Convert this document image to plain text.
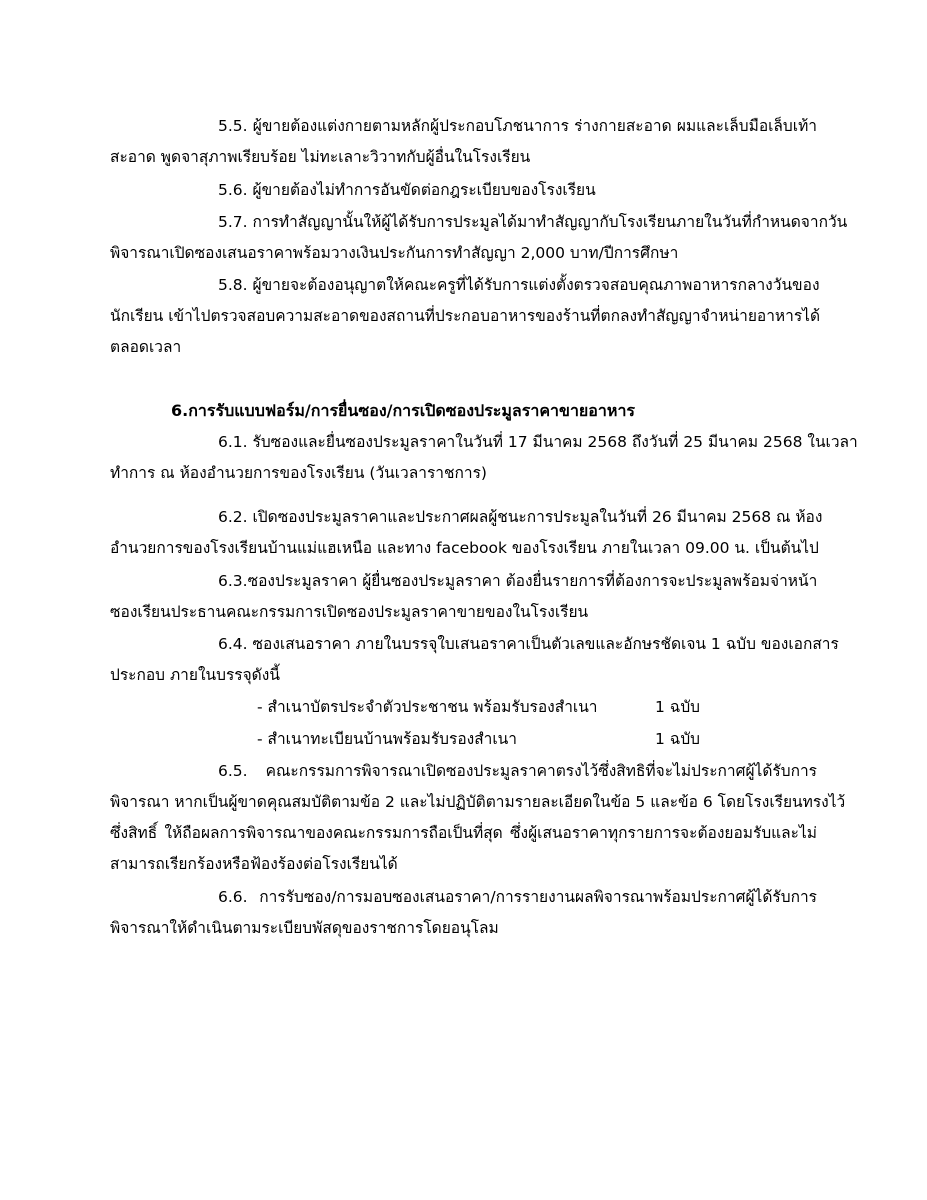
5.5. ผู้ขายต้องแต่งกายตามหลักผู้ประกอบโภชนาการ ร่างกายสะอาด ผมและเล็บมือเล็บเท้า
สะอาด พูดจาสุภาพเรียบร้อย ไม่ทะเลาะวิวาทกับผู้อื่นในโรงเรียน
5.6. ผู้ขายต้องไม่ทำการอันขัดต่อกฎระเบียบของโรงเรียน
5.7. การทำสัญญานั้นให้ผู้ได้รับการประมูลได้มาทำสัญญากับโรงเรียนภายในวันที่กำหนดจากวัน
พิจารณาเปิดซองเสนอราคาพร้อมวางเงินประกันการทำสัญญา 2,000 บาท/ปีการศึกษา
5.8. ผู้ขายจะต้องอนุญาตให้คณะครูที่ได้รับการแต่งตั้งตรวจสอบคุณภาพอาหารกลางวันของ
นักเรียน เข้าไปตรวจสอบความสะอาดของสถานที่ประกอบอาหารของร้านที่ตกลงทำสัญญาจำหน่ายอาหารได้
ตลอดเวลา
6.การรับแบบฟอร์ม/การยื่นซอง/การเปิดซองประมูลราคาขายอาหาร
6.1. รับซองและยื่นซองประมูลราคาในวันที่ 17 มีนาคม 2568 ถึงวันที่ 25 มีนาคม 2568 ในเวลา
ทำการ ณ ห้องอำนวยการของโรงเรียน (วันเวลาราชการ)
6.2. เปิดซองประมูลราคาและประกาศผลผู้ชนะการประมูลในวันที่ 26 มีนาคม 2568 ณ ห้อง
อำนวยการของโรงเรียนบ้านแม่แฮเหนือ และทาง facebook ของโรงเรียน ภายในเวลา 09.00 น. เป็นต้นไป
6.3.ซองประมูลราคา ผู้ยื่นซองประมูลราคา ต้องยื่นรายการที่ต้องการจะประมูลพร้อมจ่าหน้า
ซองเรียนประธานคณะกรรมการเปิดซองประมูลราคาขายของในโรงเรียน
6.4. ซองเสนอราคา ภายในบรรจุใบเสนอราคาเป็นตัวเลขและอักษรชัดเจน 1 ฉบับ ของเอกสาร
ประกอบ ภายในบรรจุดังนี้
- สำเนาบัตรประจำตัวประชาชน พร้อมรับรองสำเนา	1 ฉบับ
- สำเนาทะเบียนบ้านพร้อมรับรองสำเนา	1 ฉบับ
6.5. คณะกรรมการพิจารณาเปิดซองประมูลราคาตรงไว้ซึ่งสิทธิที่จะไม่ประกาศผู้ได้รับการ
พิจารณา หากเป็นผู้ขาดคุณสมบัติตามข้อ 2 และไม่ปฏิบัติตามรายละเอียดในข้อ 5 และข้อ 6 โดยโรงเรียนทรงไว้
ซึ่งสิทธิ์ ให้ถือผลการพิจารณาของคณะกรรมการถือเป็นที่สุด ซึ่งผู้เสนอราคาทุกรายการจะต้องยอมรับและไม่
สามารถเรียกร้องหรือฟ้องร้องต่อโรงเรียนได้
6.6. การรับซอง/การมอบซองเสนอราคา/การรายงานผลพิจารณาพร้อมประกาศผู้ได้รับการ
พิจารณาให้ดำเนินตามระเบียบพัสดุของราชการโดยอนุโลม
